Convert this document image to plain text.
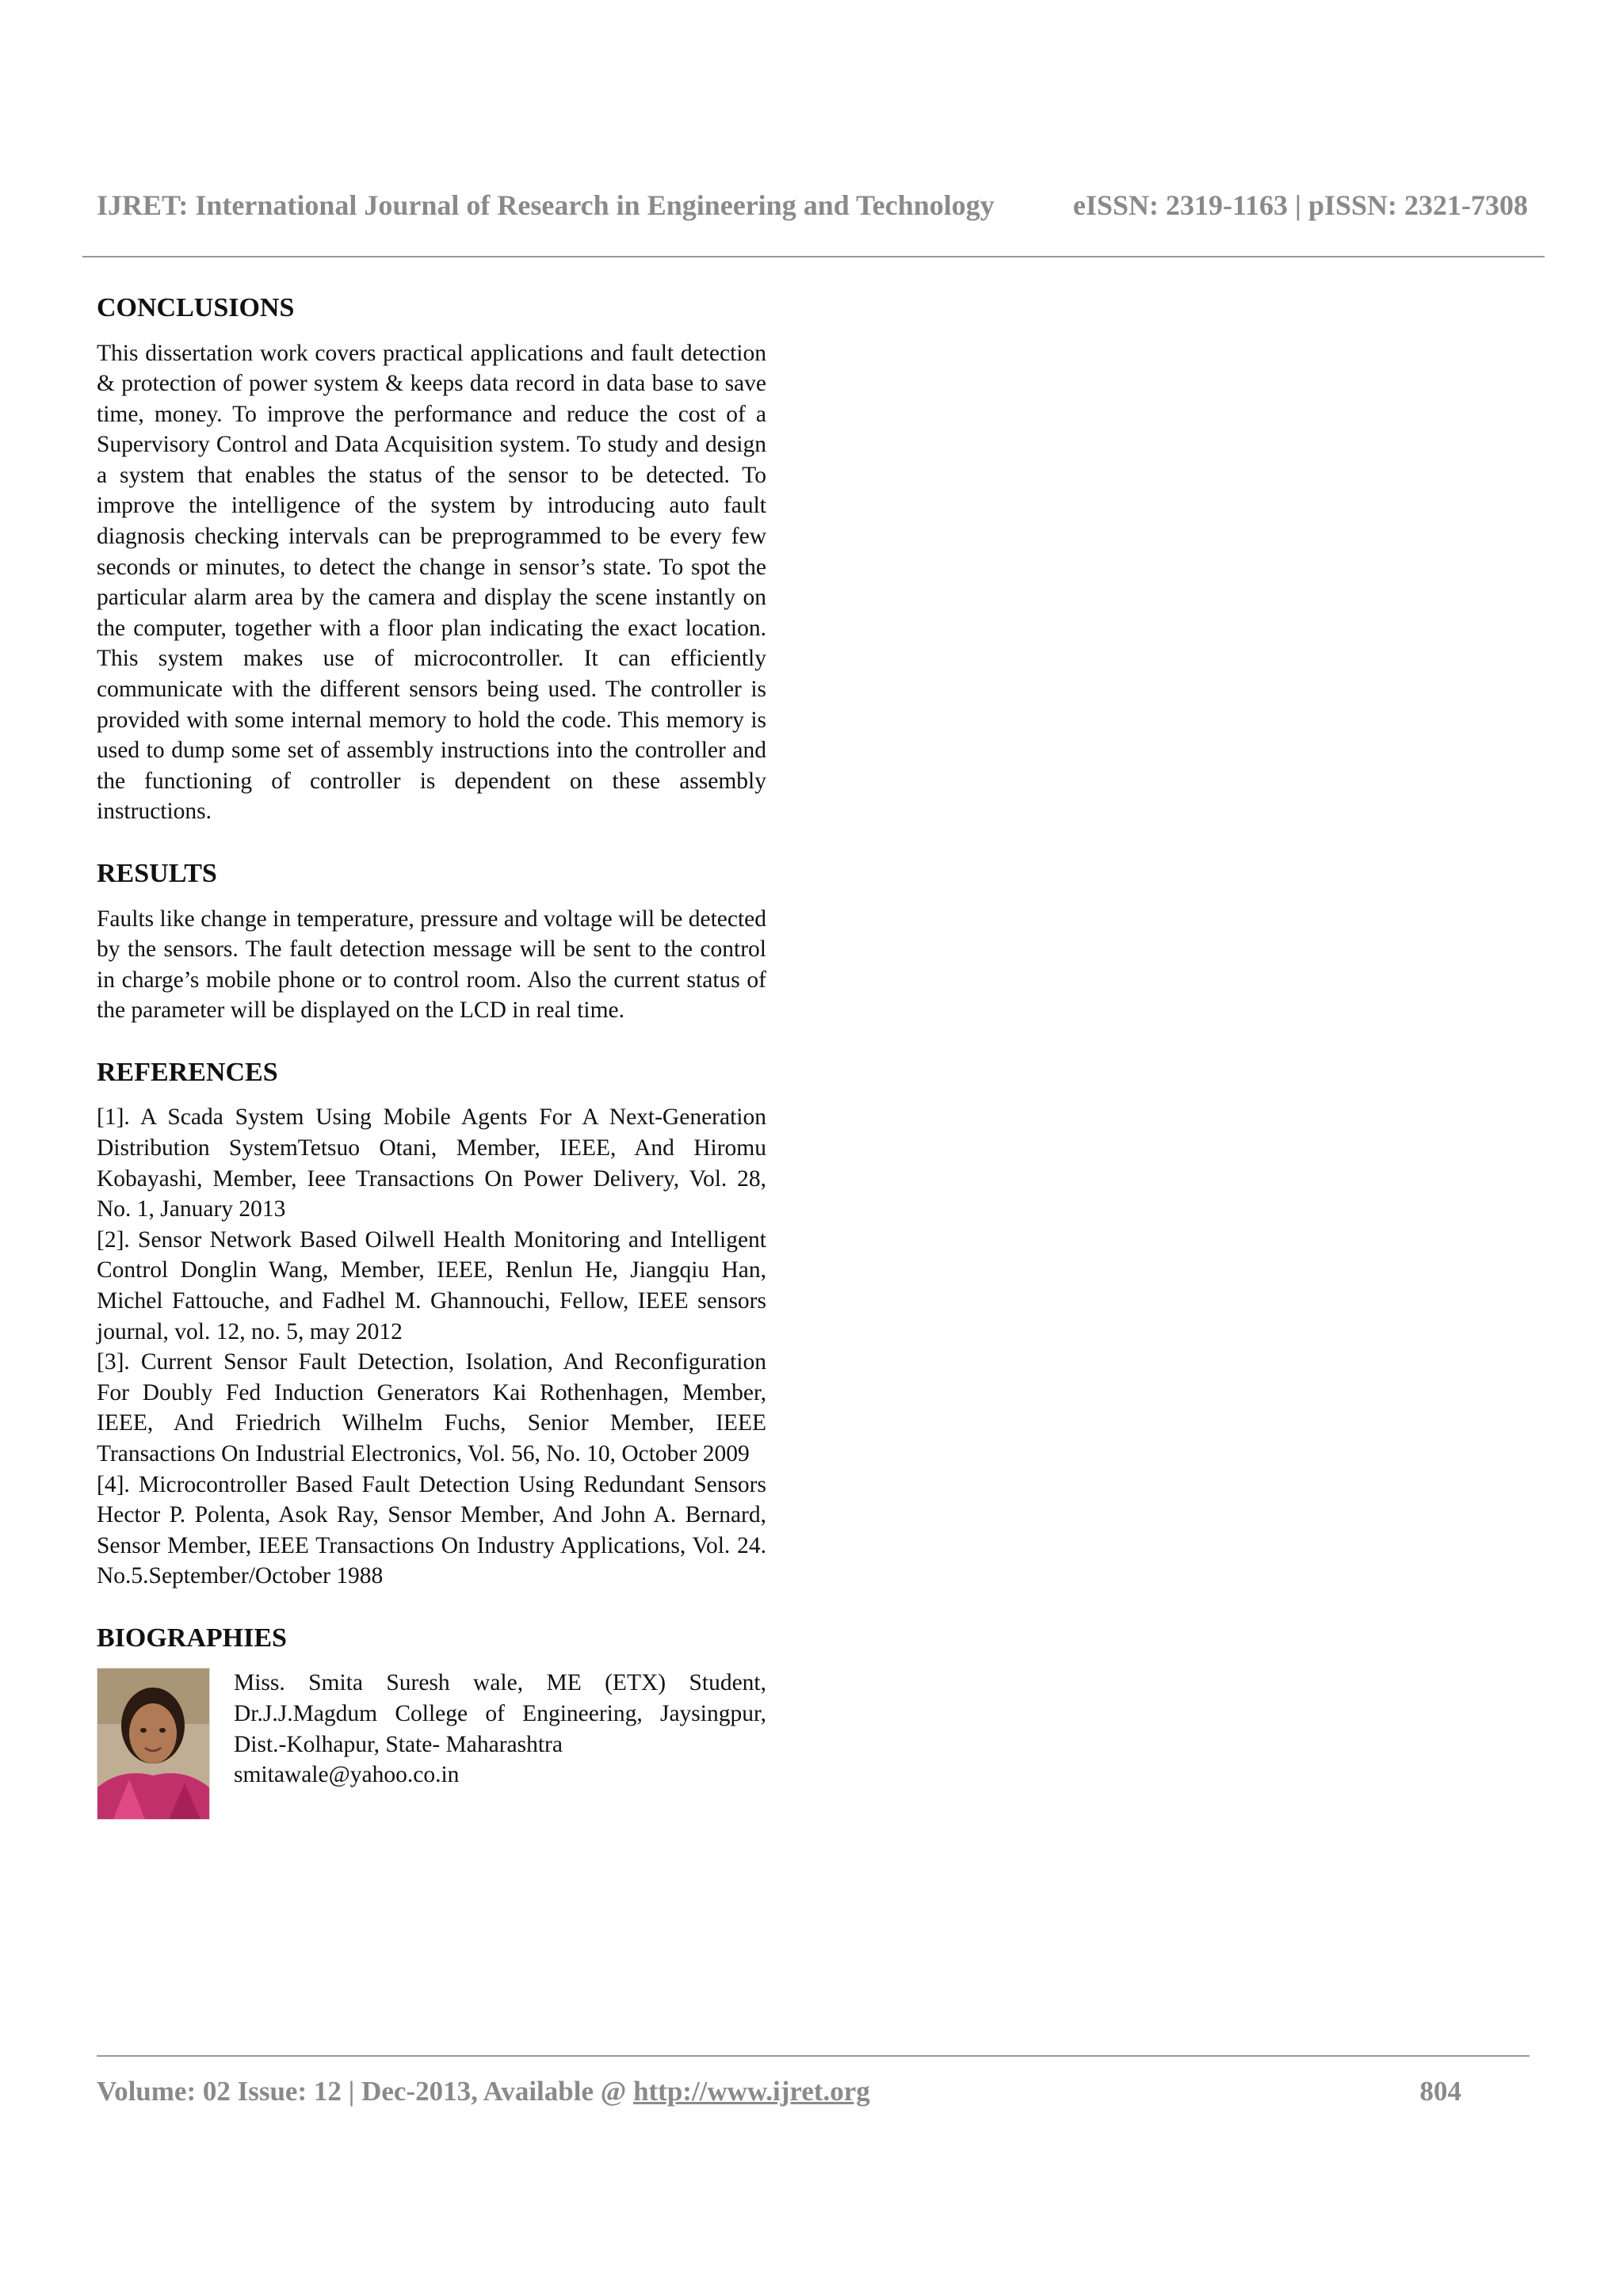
IJRET: International Journal of Research in Engineering and Technology	eISSN: 2319-1163 | pISSN: 2321-7308
CONCLUSIONS

This dissertation work covers practical applications and fault detection & protection of power system & keeps data record in data base to save time, money. To improve the performance and reduce the cost of a Supervisory Control and Data Acquisition system. To study and design a system that enables the status of the sensor to be detected. To improve the intelligence of the system by introducing auto fault diagnosis checking intervals can be preprogrammed to be every few seconds or minutes, to detect the change in sensor’s state. To spot the particular alarm area by the camera and display the scene instantly on the computer, together with a floor plan indicating the exact location. This system makes use of microcontroller. It can efficiently communicate with the different sensors being used. The controller is provided with some internal memory to hold the code. This memory is used to dump some set of assembly instructions into the controller and the functioning of controller is dependent on these assembly instructions.

RESULTS

Faults like change in temperature, pressure and voltage will be detected by the sensors. The fault detection message will be sent to the control in charge’s mobile phone or to control room. Also the current status of the parameter will be displayed on the LCD in real time.

REFERENCES

[1]. A Scada System Using Mobile Agents For A Next-Generation Distribution SystemTetsuo Otani, Member, IEEE, And Hiromu Kobayashi, Member, Ieee Transactions On Power Delivery, Vol. 28, No. 1, January 2013

[2]. Sensor Network Based Oilwell Health Monitoring and Intelligent Control Donglin Wang, Member, IEEE, Renlun He, Jiangqiu Han, Michel Fattouche, and Fadhel M. Ghannouchi, Fellow, IEEE sensors journal, vol. 12, no. 5, may 2012

[3]. Current Sensor Fault Detection, Isolation, And Reconfiguration For Doubly Fed Induction Generators Kai Rothenhagen, Member, IEEE, And Friedrich Wilhelm Fuchs, Senior Member, IEEE Transactions On Industrial Electronics, Vol. 56, No. 10, October 2009

[4]. Microcontroller Based Fault Detection Using Redundant Sensors Hector P. Polenta, Asok Ray, Sensor Member, And John A. Bernard, Sensor Member, IEEE Transactions On Industry Applications, Vol. 24. No.5.September/October 1988

BIOGRAPHIES

Miss. Smita Suresh wale, ME (ETX) Student, Dr.J.J.Magdum College of Engineering, Jaysingpur, Dist.-Kolhapur, State- Maharashtra

smitawale@yahoo.co.in

Volume: 02 Issue: 12 | Dec-2013, Available @ http://www.ijret.org	804
